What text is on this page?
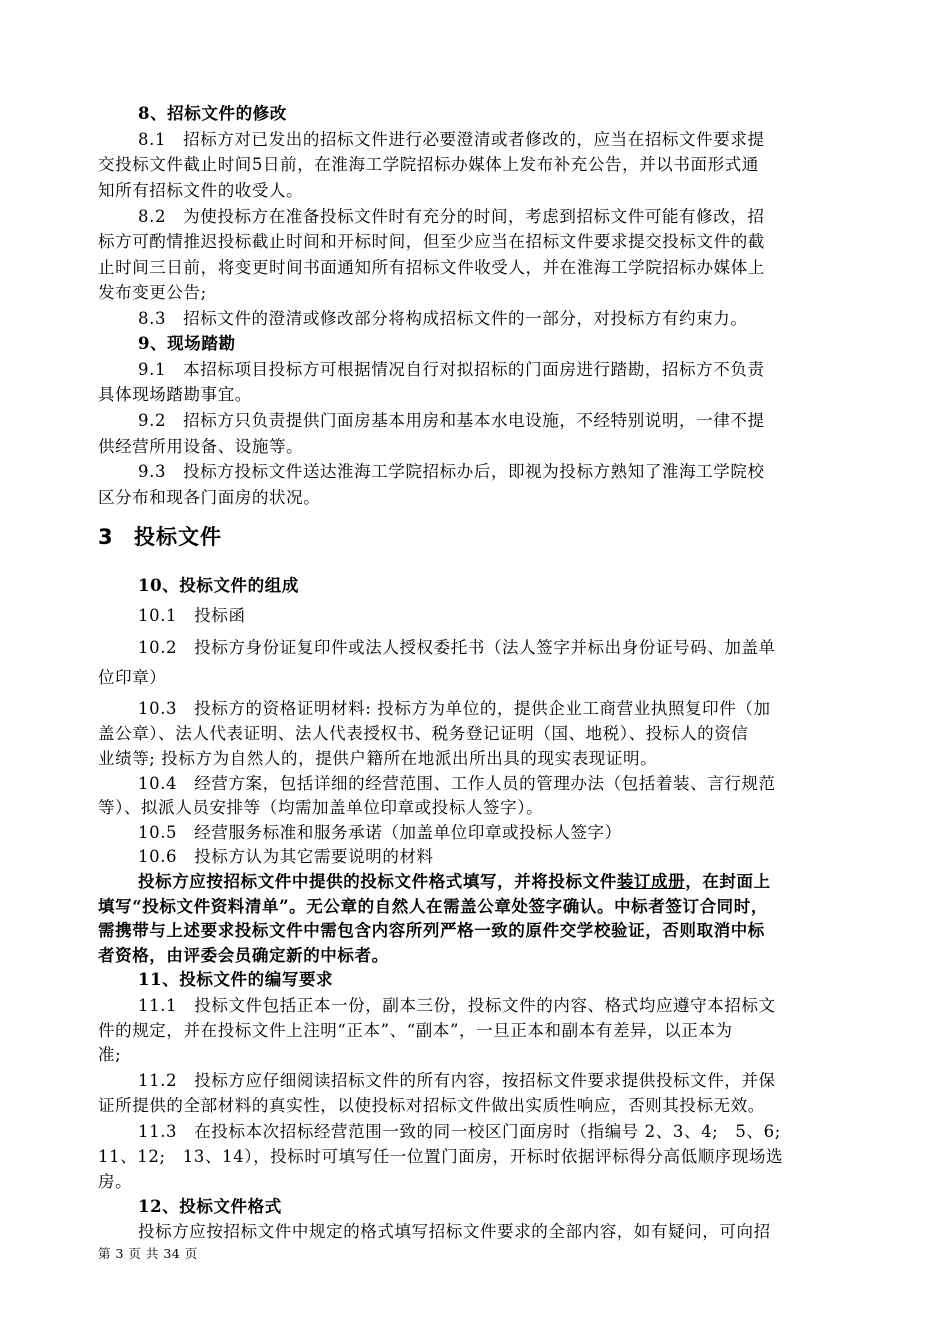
8、招标文件的修改
8.1　招标方对已发出的招标文件进行必要澄清或者修改的，应当在招标文件要求提
交投标文件截止时间5日前，在淮海工学院招标办媒体上发布补充公告，并以书面形式通
知所有招标文件的收受人。
8.2　为使投标方在准备投标文件时有充分的时间，考虑到招标文件可能有修改，招
标方可酌情推迟投标截止时间和开标时间，但至少应当在招标文件要求提交投标文件的截
止时间三日前，将变更时间书面通知所有招标文件收受人，并在淮海工学院招标办媒体上
发布变更公告;
8.3　招标文件的澄清或修改部分将构成招标文件的一部分，对投标方有约束力。
9、现场踏勘
9.1　本招标项目投标方可根据情况自行对拟招标的门面房进行踏勘，招标方不负责
具体现场踏勘事宜。
9.2　招标方只负责提供门面房基本用房和基本水电设施，不经特别说明，一律不提
供经营所用设备、设施等。
9.3　投标方投标文件送达淮海工学院招标办后，即视为投标方熟知了淮海工学院校
区分布和现各门面房的状况。
3 投标文件
10、投标文件的组成
10.1　投标函
10.2　投标方身份证复印件或法人授权委托书（法人签字并标出身份证号码、加盖单
位印章）
10.3　投标方的资格证明材料: 投标方为单位的，提供企业工商营业执照复印件（加
盖公章）、法人代表证明、法人代表授权书、税务登记证明（国、地税）、投标人的资信
业绩等; 投标方为自然人的，提供户籍所在地派出所出具的现实表现证明。
10.4　经营方案，包括详细的经营范围、工作人员的管理办法（包括着装、言行规范
等）、拟派人员安排等（均需加盖单位印章或投标人签字）。
10.5　经营服务标准和服务承诺（加盖单位印章或投标人签字）
10.6　投标方认为其它需要说明的材料
投标方应按招标文件中提供的投标文件格式填写，并将投标文件装订成册，在封面上
填写“投标文件资料清单”。无公章的自然人在需盖公章处签字确认。中标者签订合同时，
需携带与上述要求投标文件中需包含内容所列严格一致的原件交学校验证，否则取消中标
者资格，由评委会员确定新的中标者。
11、投标文件的编写要求
11.1　投标文件包括正本一份，副本三份，投标文件的内容、格式均应遵守本招标文
件的规定，并在投标文件上注明“正本”、“副本”，一旦正本和副本有差异，以正本为
准;
11.2　投标方应仔细阅读招标文件的所有内容，按招标文件要求提供投标文件，并保
证所提供的全部材料的真实性，以使投标对招标文件做出实质性响应，否则其投标无效。
11.3　在投标本次招标经营范围一致的同一校区门面房时（指编号 2、3、4;　5、6;
11、12;　13、14），投标时可填写任一位置门面房，开标时依据评标得分高低顺序现场选
房。
12、投标文件格式
投标方应按招标文件中规定的格式填写招标文件要求的全部内容，如有疑问，可向招
第 3 页 共 34 页
